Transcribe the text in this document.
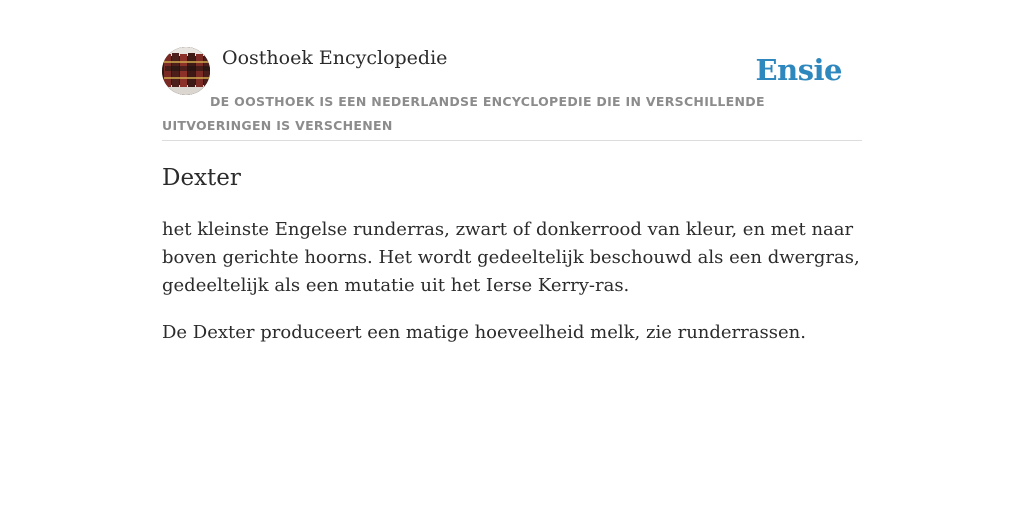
Oosthoek Encyclopedie	Ensie
DE OOSTHOEK IS EEN NEDERLANDSE ENCYCLOPEDIE DIE IN VERSCHILLENDE UITVOERINGEN IS VERSCHENEN
Dexter

het kleinste Engelse runderras, zwart of donkerrood van kleur, en met naar boven gerichte hoorns. Het wordt gedeeltelijk beschouwd als een dwergras, gedeeltelijk als een mutatie uit het Ierse Kerry-ras.

De Dexter produceert een matige hoeveelheid melk, zie runderrassen.
